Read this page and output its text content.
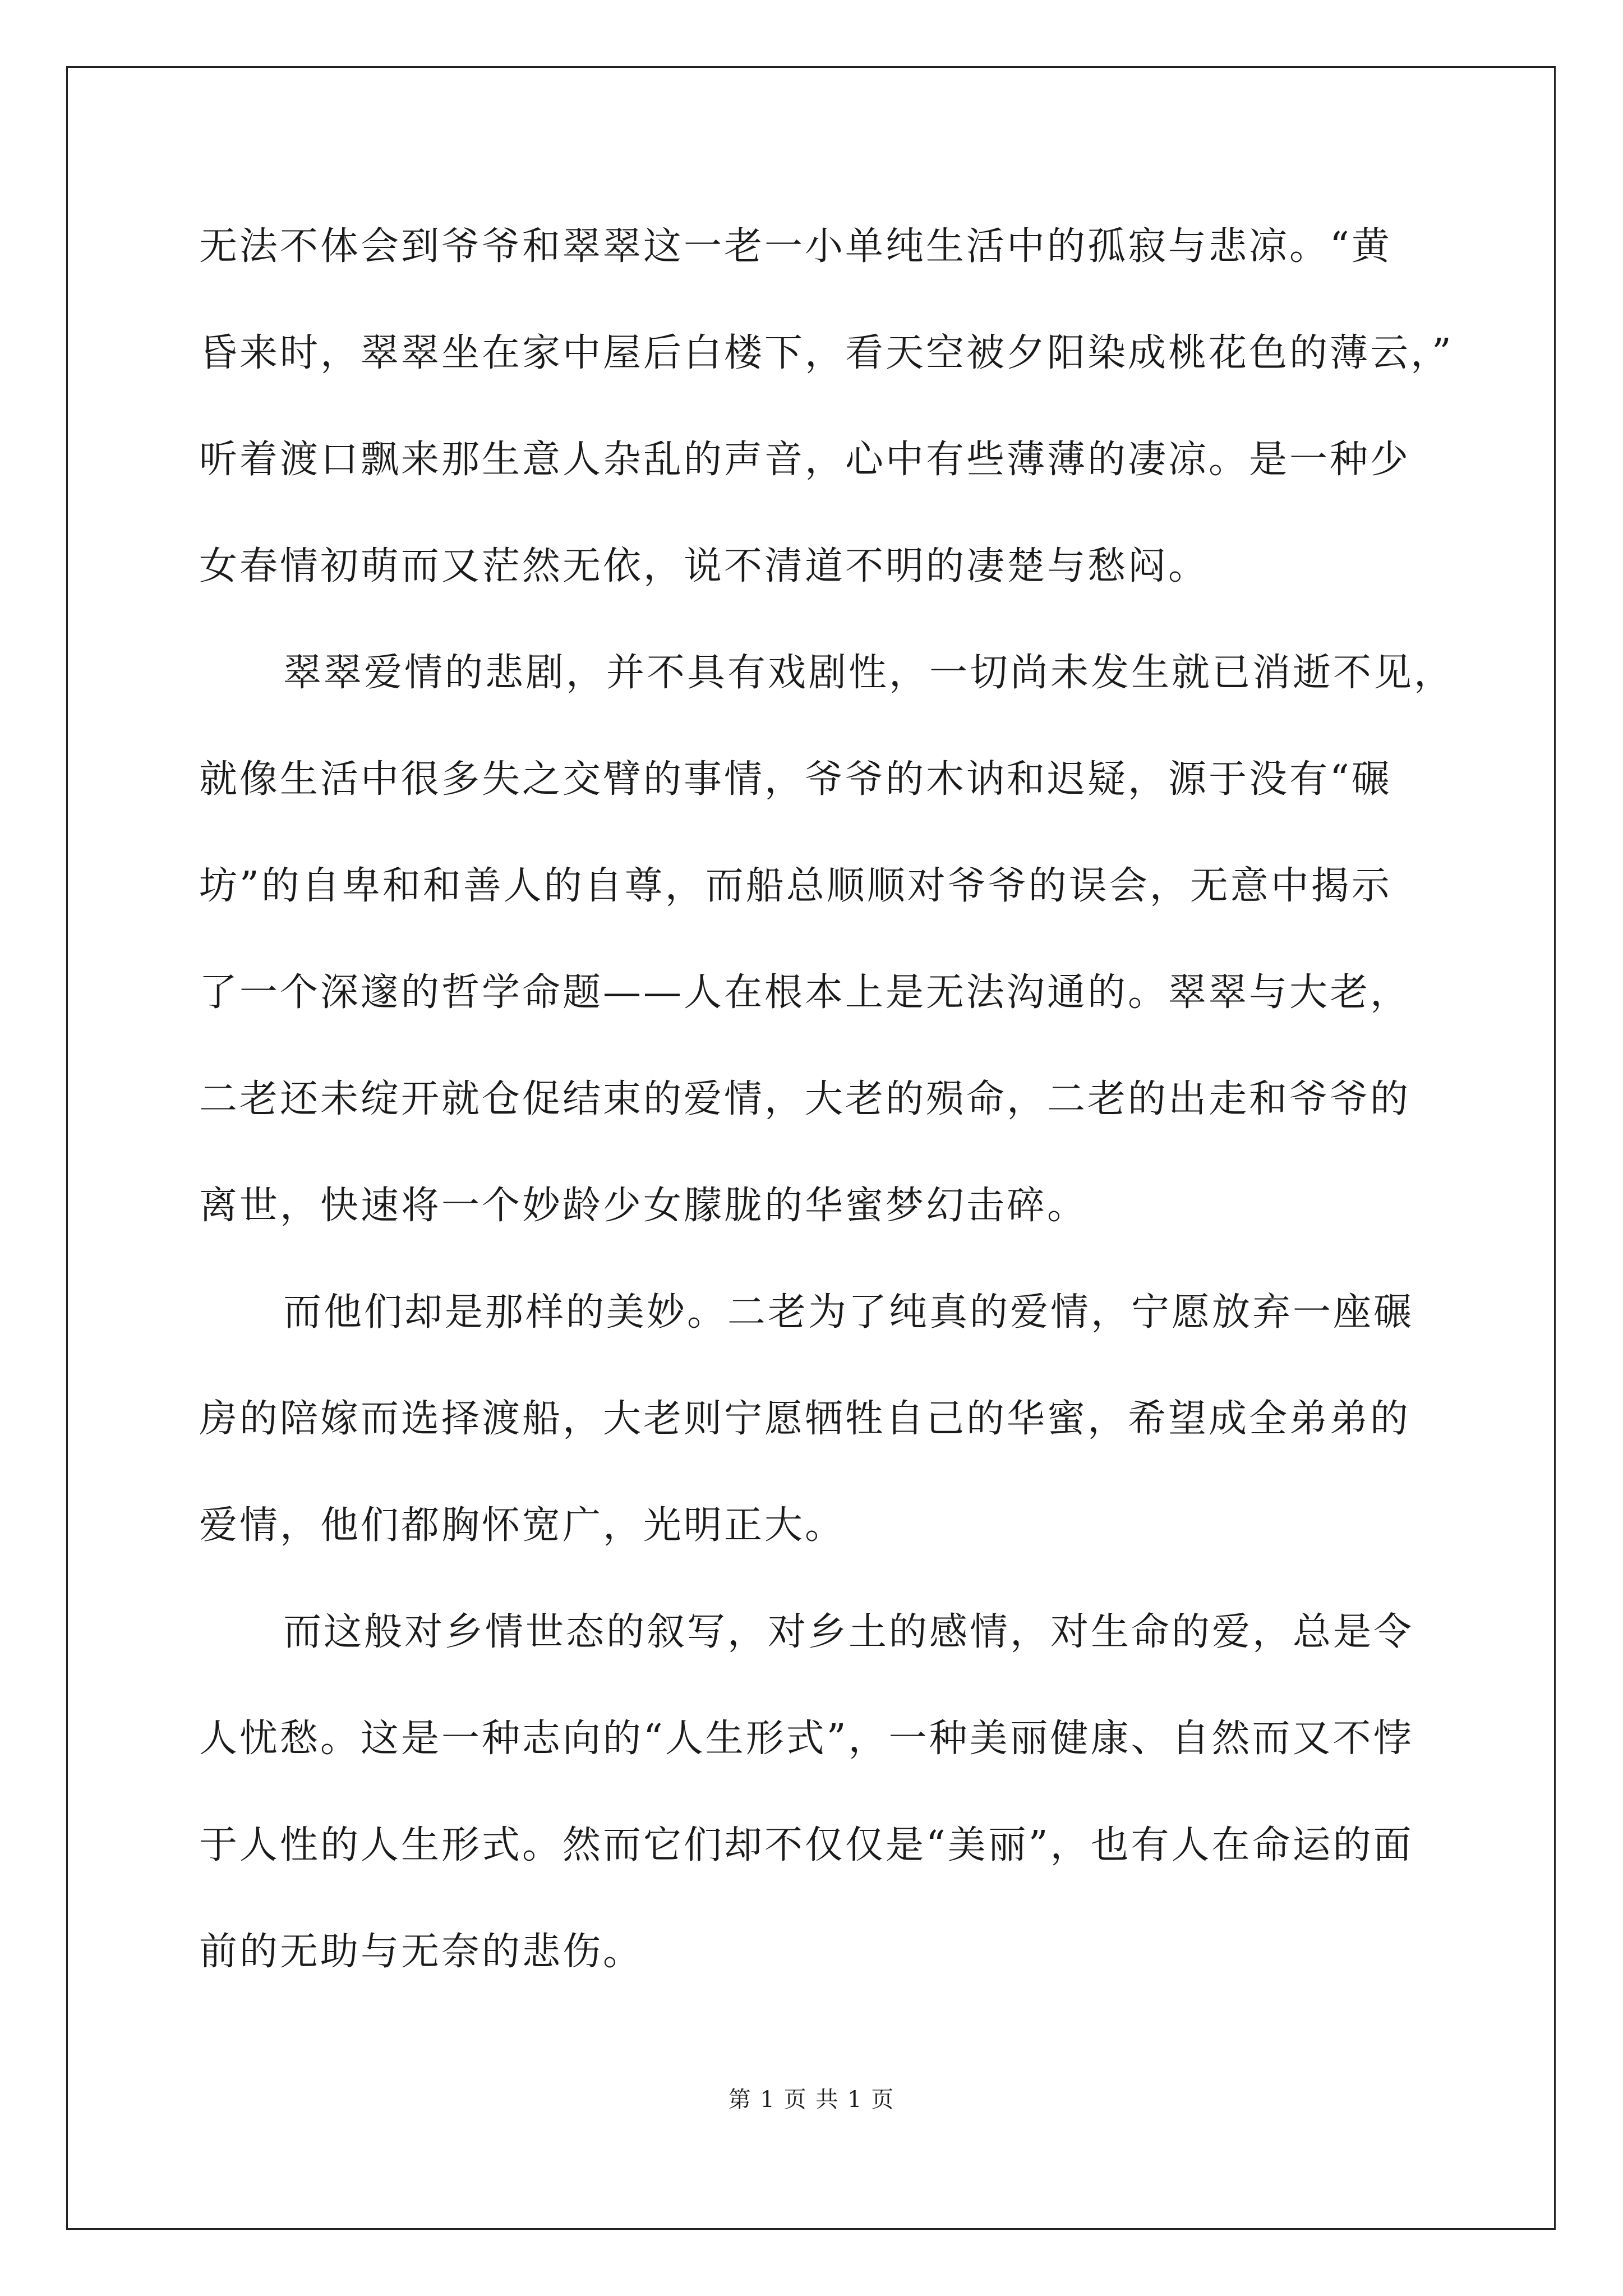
无法不体会到爷爷和翠翠这一老一小单纯生活中的孤寂与悲凉。“黄
昏来时，翠翠坐在家中屋后白楼下，看天空被夕阳染成桃花色的薄云，”
听着渡口飘来那生意人杂乱的声音，心中有些薄薄的凄凉。是一种少
女春情初萌而又茫然无依，说不清道不明的凄楚与愁闷。
翠翠爱情的悲剧，并不具有戏剧性，一切尚未发生就已消逝不见，
就像生活中很多失之交臂的事情，爷爷的木讷和迟疑，源于没有“碾
坊”的自卑和和善人的自尊，而船总顺顺对爷爷的误会，无意中揭示
了一个深邃的哲学命题——人在根本上是无法沟通的。翠翠与大老，
二老还未绽开就仓促结束的爱情，大老的殒命，二老的出走和爷爷的
离世，快速将一个妙龄少女朦胧的华蜜梦幻击碎。
而他们却是那样的美妙。二老为了纯真的爱情，宁愿放弃一座碾
房的陪嫁而选择渡船，大老则宁愿牺牲自己的华蜜，希望成全弟弟的
爱情，他们都胸怀宽广，光明正大。
而这般对乡情世态的叙写，对乡土的感情，对生命的爱，总是令
人忧愁。这是一种志向的“人生形式”，一种美丽健康、自然而又不悖
于人性的人生形式。然而它们却不仅仅是“美丽”，也有人在命运的面
前的无助与无奈的悲伤。
第 1 页 共 1 页
